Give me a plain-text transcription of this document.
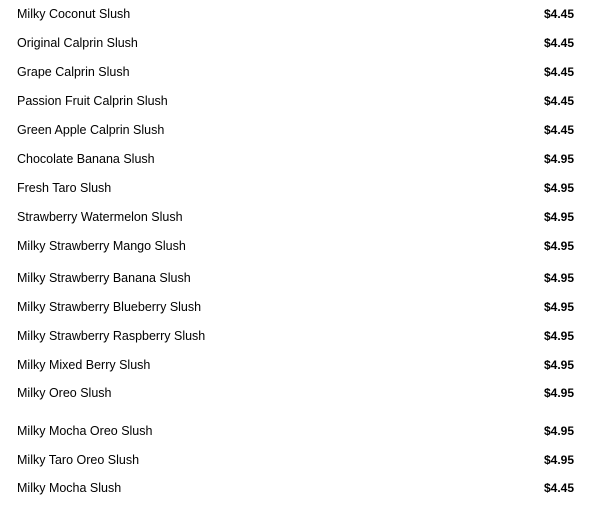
Milky Coconut Slush	$4.45
Original Calprin Slush	$4.45
Grape Calprin Slush	$4.45
Passion Fruit Calprin Slush	$4.45
Green Apple Calprin Slush	$4.45
Chocolate Banana Slush	$4.95
Fresh Taro Slush	$4.95
Strawberry Watermelon Slush	$4.95
Milky Strawberry Mango Slush	$4.95
Milky Strawberry Banana Slush	$4.95
Milky Strawberry Blueberry Slush	$4.95
Milky Strawberry Raspberry Slush	$4.95
Milky Mixed Berry Slush	$4.95
Milky Oreo Slush	$4.95
Milky Mocha Oreo Slush	$4.95
Milky Taro Oreo Slush	$4.95
Milky Mocha Slush	$4.45
